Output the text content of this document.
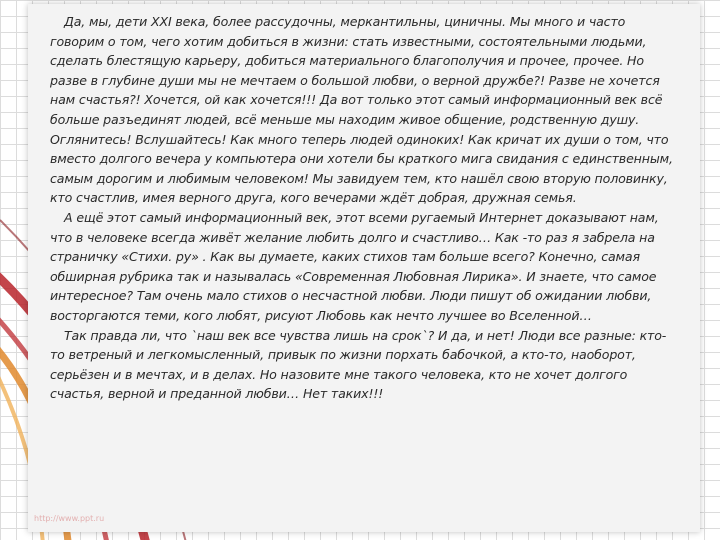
Да, мы, дети XXI века, более рассудочны, меркантильны, циничны. Мы много и часто говорим о том, чего хотим добиться в жизни: стать известными, состоятельными людьми, сделать блестящую карьеру, добиться материального благополучия и прочее, прочее. Но разве в глубине души мы не мечтаем о большой любви, о верной дружбе?! Разве не хочется нам счастья?! Хочется, ой как хочется!!! Да вот только этот самый информационный век всё больше разъединят людей, всё меньше мы находим живое общение, родственную душу. Оглянитесь! Вслушайтесь! Как много теперь людей одиноких! Как кричат их души о том, что вместо долгого вечера у компьютера они хотели бы краткого мига свидания с единственным, самым дорогим и любимым человеком! Мы завидуем тем, кто нашёл свою вторую половинку, кто счастлив, имея верного друга, кого вечерами ждёт добрая, дружная семья.

А ещё этот самый информационный век, этот всеми ругаемый Интернет доказывают нам, что в человеке всегда живёт желание любить долго и счастливо… Как -то раз я забрела на страничку «Стихи. ру» . Как вы думаете, каких стихов там больше всего? Конечно, самая обширная рубрика так и называлась «Современная Любовная Лирика». И знаете, что самое интересное? Там очень мало стихов о несчастной любви. Люди пишут об ожидании любви, восторгаются теми, кого любят, рисуют Любовь как нечто лучшее во Вселенной…

Так правда ли, что `наш век все чувства лишь на срок`? И да, и нет! Люди все разные: кто-то ветреный и легкомысленный, привык по жизни порхать бабочкой, а кто-то, наоборот, серьёзен и в мечтах, и в делах. Но назовите мне такого человека, кто не хочет долгого счастья, верной и преданной любви… Нет таких!!!

http://www.ppt.ru
